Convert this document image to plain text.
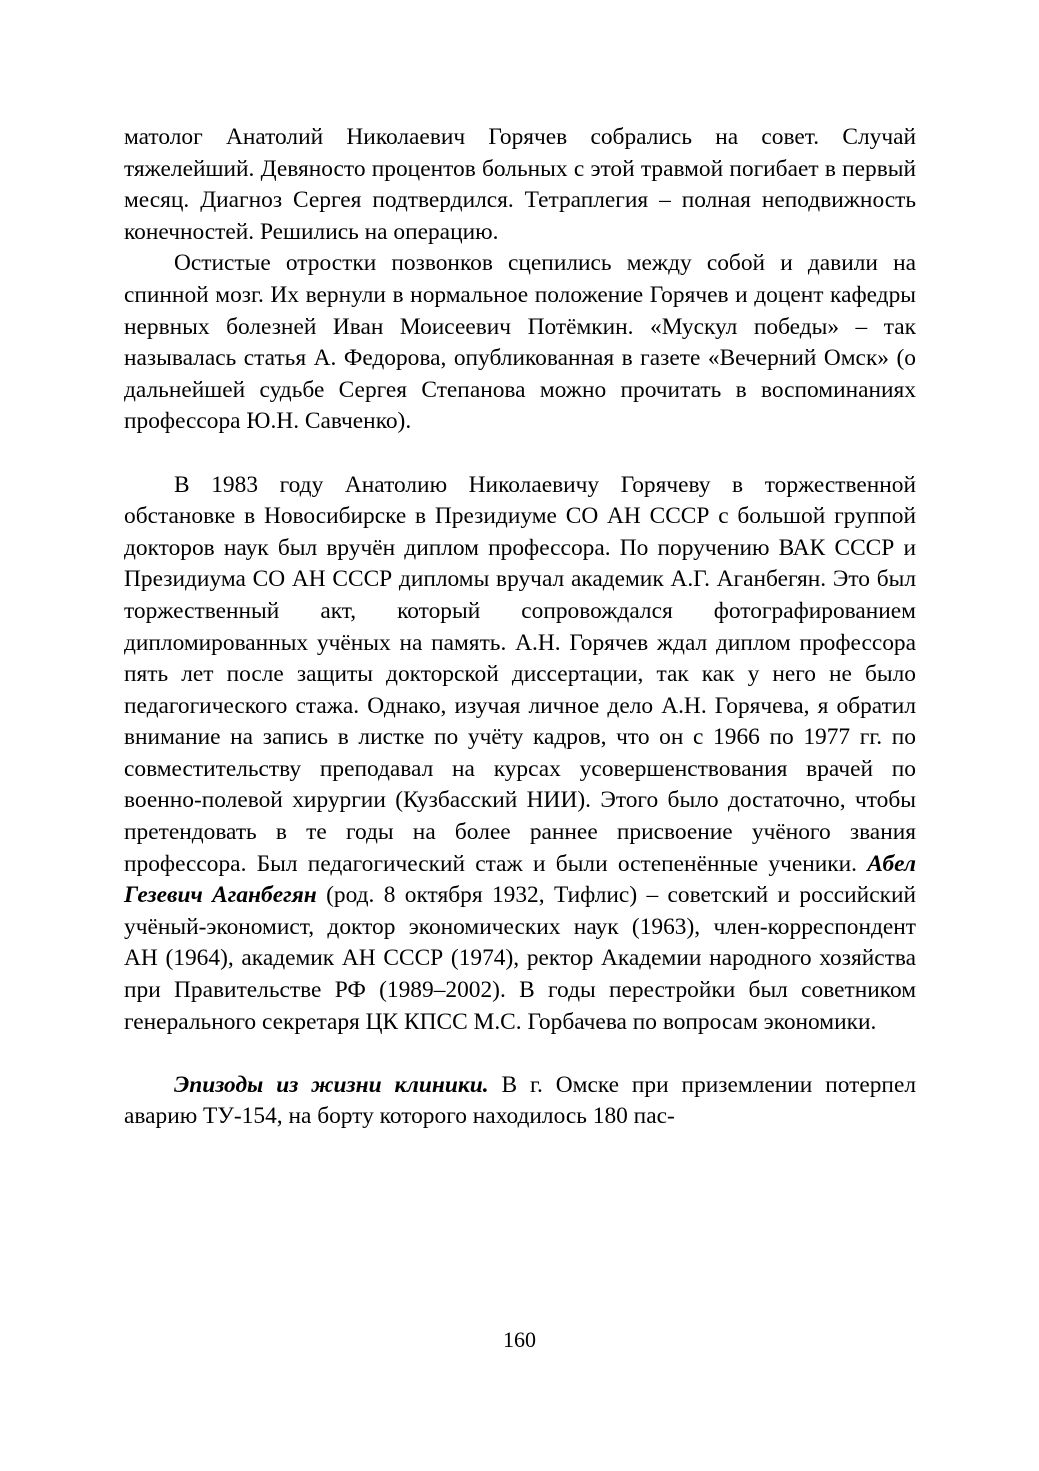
матолог Анатолий Николаевич Горячев собрались на совет. Случай тяжелейший. Девяносто процентов больных с этой травмой погибает в первый месяц. Диагноз Сергея подтвердился. Тетраплегия – полная неподвижность конечностей. Решились на операцию.

Остистые отростки позвонков сцепились между собой и давили на спинной мозг. Их вернули в нормальное положение Горячев и доцент кафедры нервных болезней Иван Моисеевич Потёмкин. «Мускул победы» – так называлась статья А. Федорова, опубликованная в газете «Вечерний Омск» (о дальнейшей судьбе Сергея Степанова можно прочитать в воспоминаниях профессора Ю.Н. Савченко).

В 1983 году Анатолию Николаевичу Горячеву в торжественной обстановке в Новосибирске в Президиуме СО АН СССР с большой группой докторов наук был вручён диплом профессора. По поручению ВАК СССР и Президиума СО АН СССР дипломы вручал академик А.Г. Аганбегян. Это был торжественный акт, который сопровождался фотографированием дипломированных учёных на память. А.Н. Горячев ждал диплом профессора пять лет после защиты докторской диссертации, так как у него не было педагогического стажа. Однако, изучая личное дело А.Н. Горячева, я обратил внимание на запись в листке по учёту кадров, что он с 1966 по 1977 гг. по совместительству преподавал на курсах усовершенствования врачей по военно-полевой хирургии (Кузбасский НИИ). Этого было достаточно, чтобы претендовать в те годы на более раннее присвоение учёного звания профессора. Был педагогический стаж и были остепенённые ученики. Абел Гезевич Аганбегян (род. 8 октября 1932, Тифлис) – советский и российский учёный-экономист, доктор экономических наук (1963), член-корреспондент АН (1964), академик АН СССР (1974), ректор Академии народного хозяйства при Правительстве РФ (1989–2002). В годы перестройки был советником генерального секретаря ЦК КПСС М.С. Горбачева по вопросам экономики.

Эпизоды из жизни клиники. В г. Омске при приземлении потерпел аварию ТУ-154, на борту которого находилось 180 пас-

160
